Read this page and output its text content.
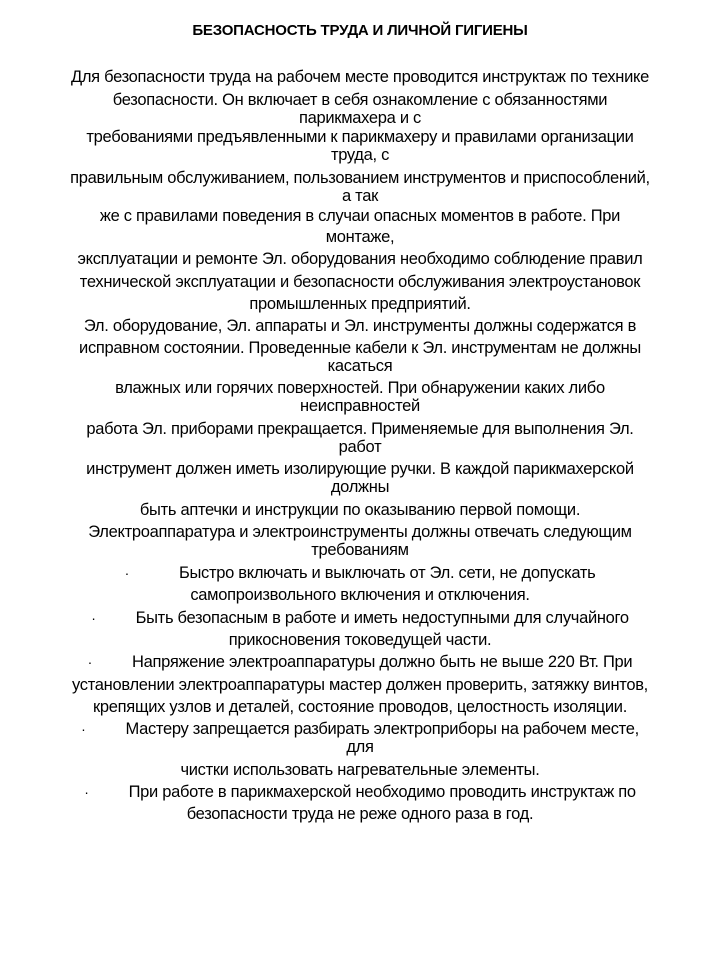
БЕЗОПАСНОСТЬ ТРУДА И ЛИЧНОЙ ГИГИЕНЫ
Для безопасности труда на рабочем месте проводится инструктаж по технике
безопасности. Он включает в себя ознакомление с обязанностями
парикмахера и с
требованиями предъявленными к парикмахеру и правилами организации
труда, с
правильным обслуживанием, пользованием инструментов и приспособлений,
а так
же с правилами поведения в случаи опасных моментов в работе. При
монтаже,
эксплуатации и ремонте Эл. оборудования необходимо соблюдение правил
технической эксплуатации и безопасности обслуживания электроустановок
промышленных предприятий.
Эл. оборудование, Эл. аппараты и Эл. инструменты должны содержатся в
исправном состоянии. Проведенные кабели к Эл. инструментам не должны
касаться
влажных или горячих поверхностей. При обнаружении каких либо
неисправностей
работа Эл. приборами прекращается. Применяемые для выполнения Эл.
работ
инструмент должен иметь изолирующие ручки. В каждой парикмахерской
должны
быть аптечки и инструкции по оказыванию первой помощи.
Электроаппаратура и электроинструменты должны отвечать следующим
требованиям
·	Быстро включать и выключать от Эл. сети, не допускать
самопроизвольного включения и отключения.
· Быть безопасным в работе и иметь недоступными для случайного
прикосновения токоведущей части.
· Напряжение электроаппаратуры должно быть не выше 220 Вт. При
установлении электроаппаратуры мастер должен проверить, затяжку винтов,
крепящих узлов и деталей, состояние проводов, целостность изоляции.
· Мастеру запрещается разбирать электроприборы на рабочем месте,
для
чистки использовать нагревательные элементы.
· При работе в парикмахерской необходимо проводить инструктаж по
безопасности труда не реже одного раза в год.
